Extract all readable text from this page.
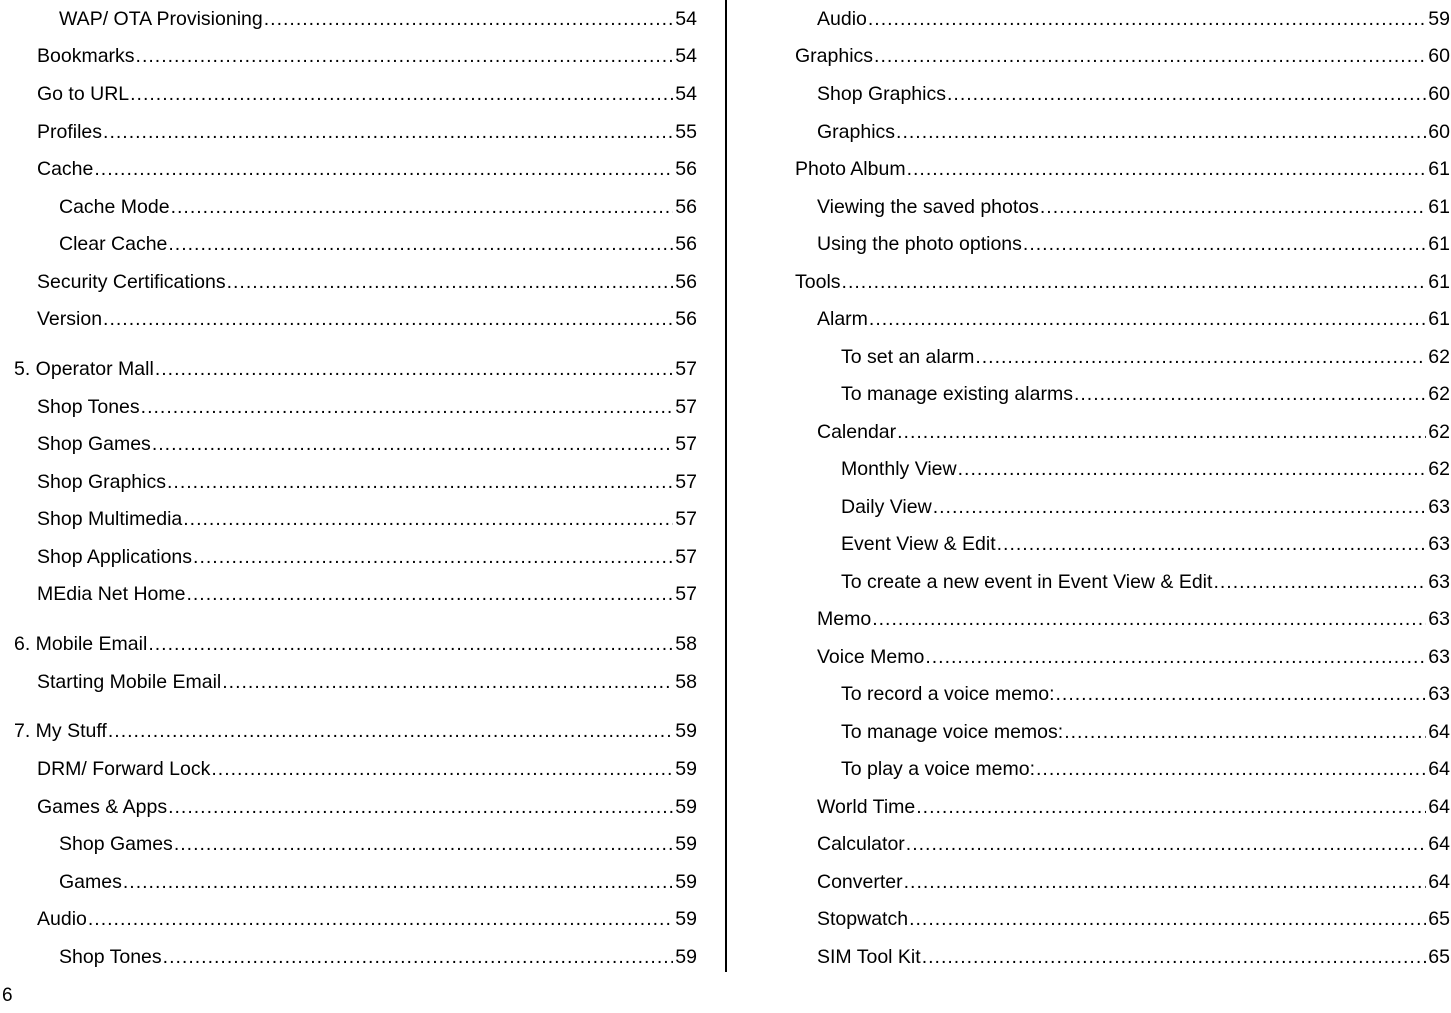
WAP/ OTA Provisioning .....	54
Bookmarks .....	54
Go to URL .....	54
Profiles .....	55
Cache .....	56
Cache Mode .....	56
Clear Cache .....	56
Security Certifications .....	56
Version .....	56
5. Operator Mall .....	57
Shop Tones .....	57
Shop Games .....	57
Shop Graphics .....	57
Shop Multimedia .....	57
Shop Applications .....	57
MEdia Net Home .....	57
6. Mobile Email .....	58
Starting Mobile Email .....	58
7. My Stuff .....	59
DRM/ Forward Lock .....	59
Games & Apps .....	59
Shop Games .....	59
Games .....	59
Audio .....	59
Shop Tones .....	59
Audio .....	59
Graphics .....	60
Shop Graphics .....	60
Graphics .....	60
Photo Album .....	61
Viewing the saved photos .....	61
Using the photo options .....	61
Tools .....	61
Alarm .....	61
To set an alarm .....	62
To manage existing alarms .....	62
Calendar .....	62
Monthly View .....	62
Daily View .....	63
Event View & Edit .....	63
To create a new event in Event View & Edit .....	63
Memo .....	63
Voice Memo .....	63
To record a voice memo: .....	63
To manage voice memos: .....	64
To play a voice memo: .....	64
World Time .....	64
Calculator .....	64
Converter .....	64
Stopwatch .....	65
SIM Tool Kit .....	65
6
